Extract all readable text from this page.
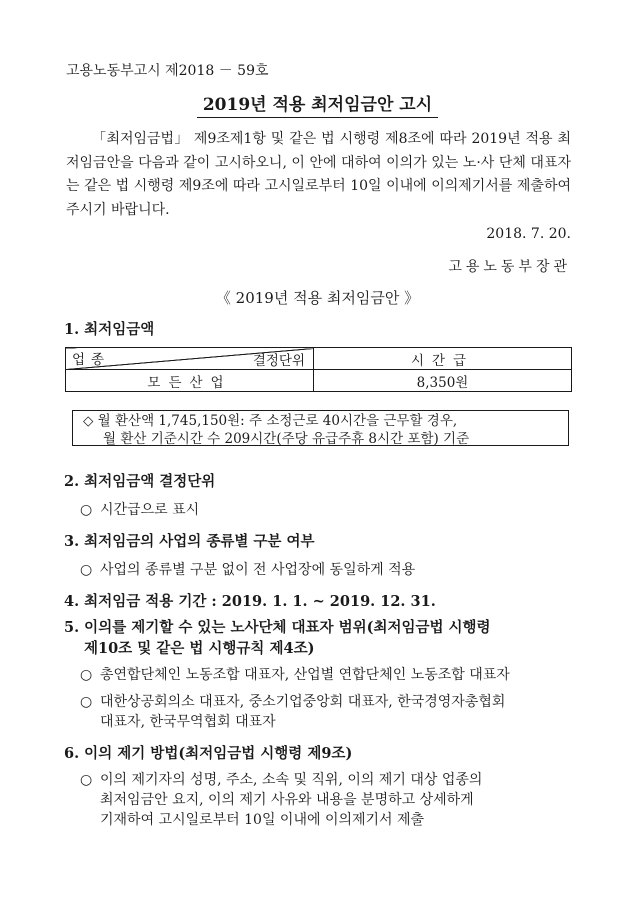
고용노동부고시 제2018 － 59호
2019년 적용 최저임금안 고시
「최저임금법」 제9조제1항 및 같은 법 시행령 제8조에 따라 2019년 적용 최저임금안을 다음과 같이 고시하오니, 이 안에 대하여 이의가 있는 노·사 단체 대표자는 같은 법 시행령 제9조에 따라 고시일로부터 10일 이내에 이의제기서를 제출하여 주시기 바랍니다.
2018. 7. 20.
고용노동부장관
《 2019년 적용 최저임금안 》
1. 최저임금액
업종 결정단위	시간급
모든산업	8,350원
◇ 월 환산액 1,745,150원: 주 소정근로 40시간을 근무할 경우,
월 환산 기준시간 수 209시간(주당 유급주휴 8시간 포함) 기준
2. 최저임금액 결정단위
○ 시간급으로 표시
3. 최저임금의 사업의 종류별 구분 여부
○ 사업의 종류별 구분 없이 전 사업장에 동일하게 적용
4. 최저임금 적용 기간 : 2019. 1. 1. ~ 2019. 12. 31.
5. 이의를 제기할 수 있는 노사단체 대표자 범위(최저임금법 시행령
제10조 및 같은 법 시행규칙 제4조)
○ 총연합단체인 노동조합 대표자, 산업별 연합단체인 노동조합 대표자
○ 대한상공회의소 대표자, 중소기업중앙회 대표자, 한국경영자총협회
대표자, 한국무역협회 대표자
6. 이의 제기 방법(최저임금법 시행령 제9조)
○ 이의 제기자의 성명, 주소, 소속 및 직위, 이의 제기 대상 업종의
최저임금안 요지, 이의 제기 사유와 내용을 분명하고 상세하게
기재하여 고시일로부터 10일 이내에 이의제기서 제출
